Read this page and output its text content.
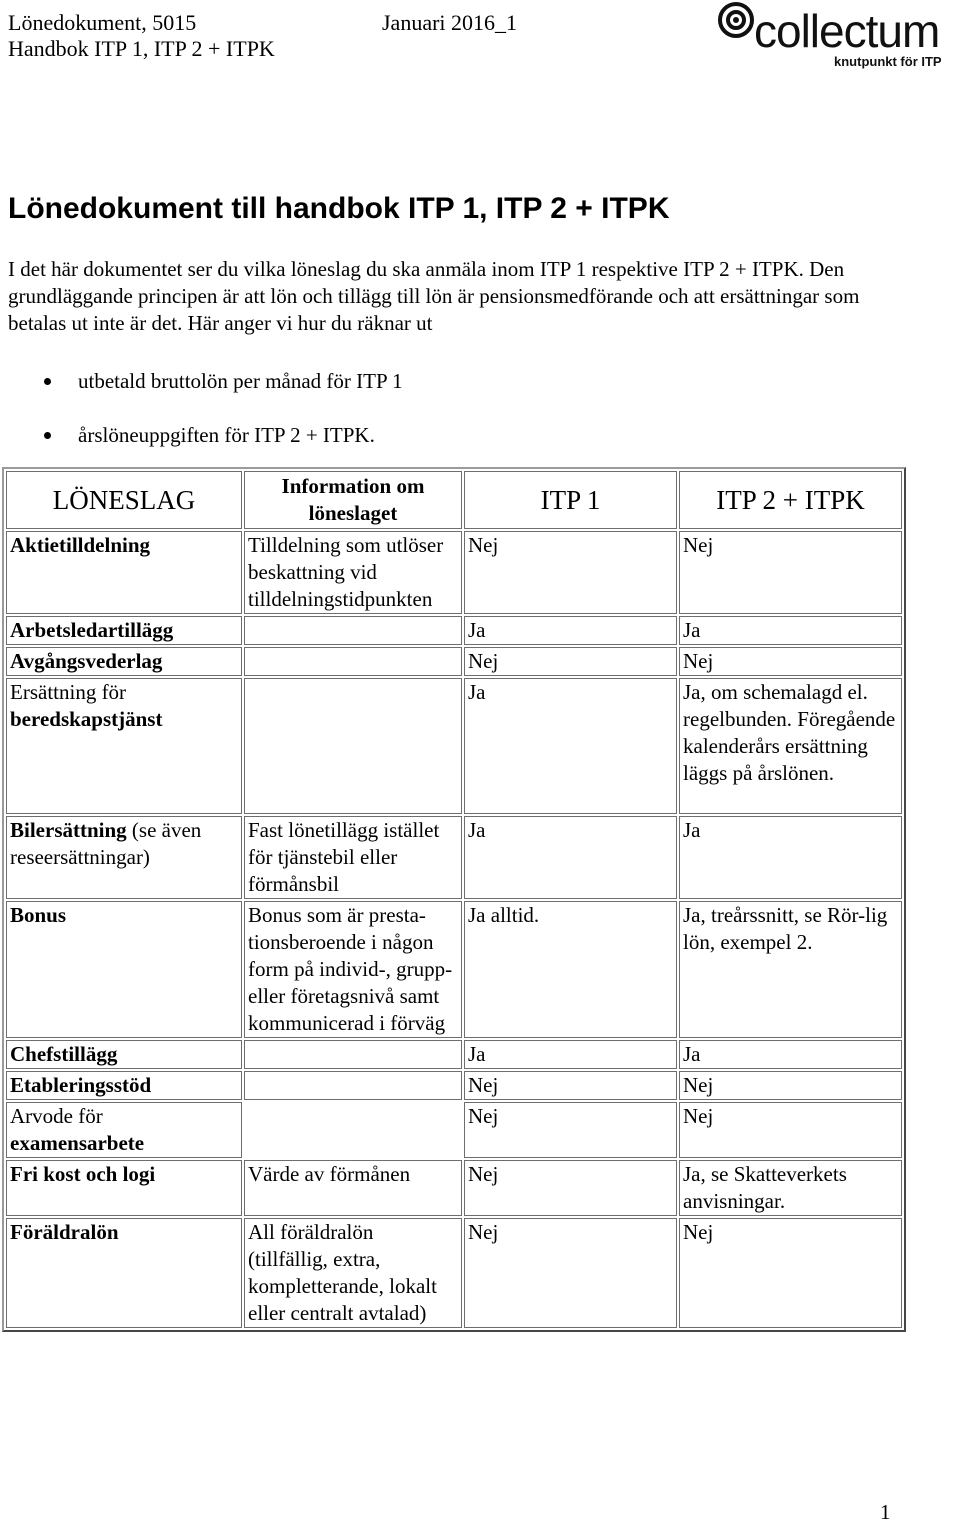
Lönedokument, 5015
Handbok ITP 1, ITP 2 + ITPK
Januari 2016_1	collectum
knutpunkt för ITP
Lönedokument till handbok ITP 1, ITP 2 + ITPK

I det här dokumentet ser du vilka löneslag du ska anmäla inom ITP 1 respektive ITP 2 + ITPK. Den grundläggande principen är att lön och tillägg till lön är pensionsmedförande och att ersättningar som betalas ut inte är det. Här anger vi hur du räknar ut

utbetald bruttolön per månad för ITP 1
årslöneuppgiften för ITP 2 + ITPK.
LÖNESLAG	Information om löneslaget	ITP 1	ITP 2 + ITPK
Aktietilldelning	Tilldelning som utlöser beskattning vid tilldelningstidpunkten	Nej	Nej
Arbetsledartillägg		Ja	Ja
Avgångsvederlag		Nej	Nej
Ersättning för
beredskapstjänst		Ja	Ja, om schemalagd el. regelbunden. Föregående kalenderårs ersättning läggs på årslönen.
Bilersättning (se även reseersättningar)	Fast lönetillägg istället för tjänstebil eller förmånsbil	Ja	Ja
Bonus	Bonus som är presta-tionsberoende i någon form på individ-, grupp- eller företagsnivå samt kommunicerad i förväg	Ja alltid.	Ja, treårssnitt, se Rör-lig lön, exempel 2.
Chefstillägg		Ja	Ja
Etableringsstöd		Nej	Nej
Arvode för
examensarbete		Nej	Nej
Fri kost och logi	Värde av förmånen	Nej	Ja, se Skatteverkets anvisningar.
Föräldralön	All föräldralön (tillfällig, extra, kompletterande, lokalt eller centralt avtalad)	Nej	Nej
1
